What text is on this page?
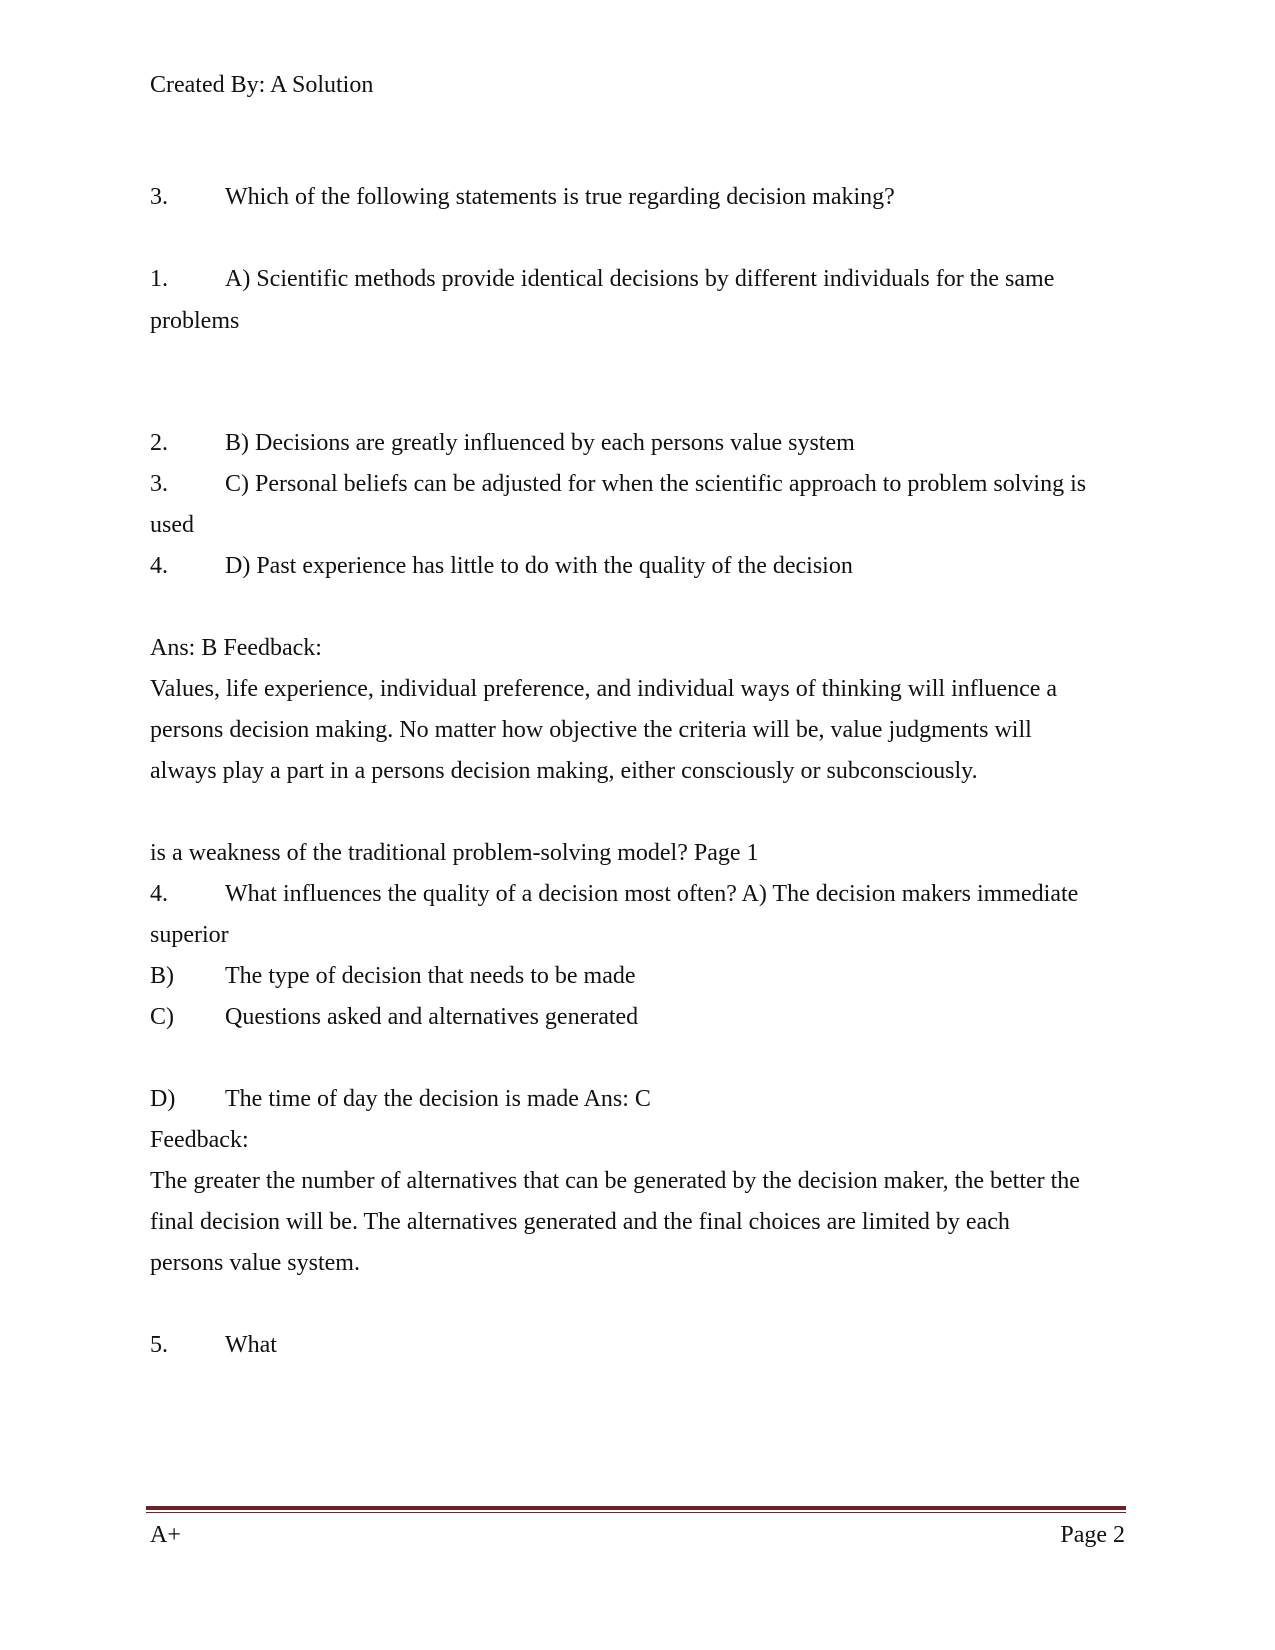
Created By: A Solution

3. Which of the following statements is true regarding decision making?

1. A) Scientific methods provide identical decisions by different individuals for the same

problems

2. B) Decisions are greatly influenced by each persons value system

3. C) Personal beliefs can be adjusted for when the scientific approach to problem solving is

used

4. D) Past experience has little to do with the quality of the decision

Ans: B Feedback:

Values, life experience, individual preference, and individual ways of thinking will influence a

persons decision making. No matter how objective the criteria will be, value judgments will

always play a part in a persons decision making, either consciously or subconsciously.

is a weakness of the traditional problem-solving model? Page 1

4. What influences the quality of a decision most often? A) The decision makers immediate

superior

B) The type of decision that needs to be made

C) Questions asked and alternatives generated

D) The time of day the decision is made Ans: C

Feedback:

The greater the number of alternatives that can be generated by the decision maker, the better the

final decision will be. The alternatives generated and the final choices are limited by each

persons value system.

5. What

A+	Page 2
